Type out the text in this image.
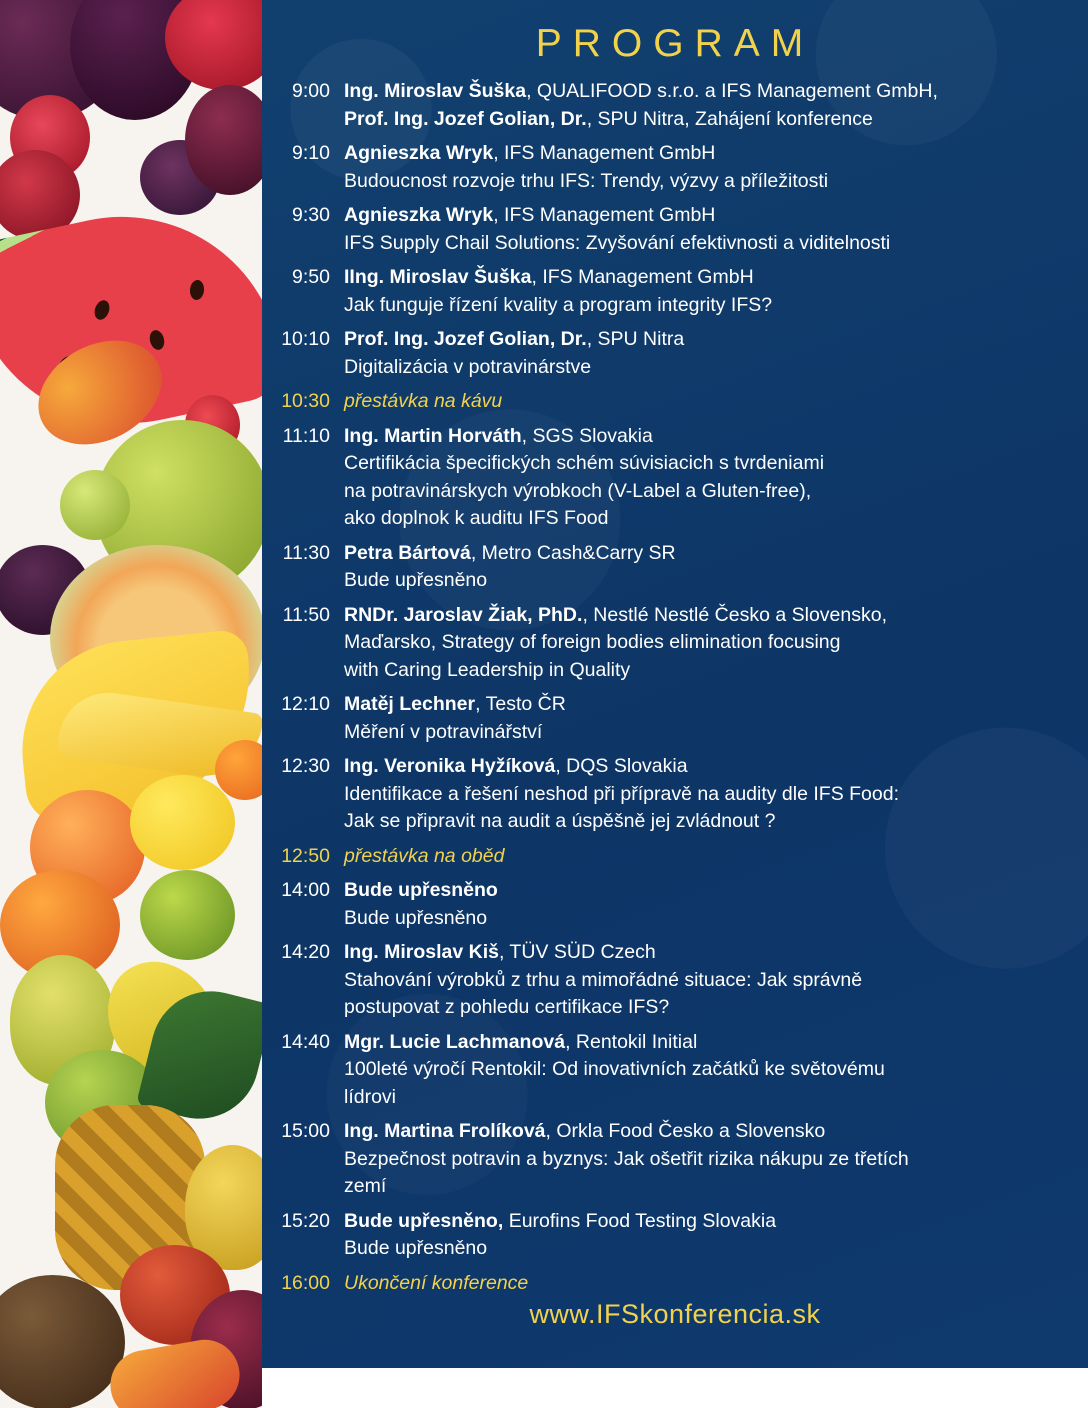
PROGRAM
9:00 Ing. Miroslav Šuška, QUALIFOOD s.r.o. a IFS Management GmbH,
Prof. Ing. Jozef Golian, Dr., SPU Nitra, Zahájení konference
9:10 Agnieszka Wryk, IFS Management GmbH
Budoucnost rozvoje trhu IFS: Trendy, výzvy a příležitosti
9:30 Agnieszka Wryk, IFS Management GmbH
IFS Supply Chail Solutions: Zvyšování efektivnosti a viditelnosti
9:50 IIng. Miroslav Šuška, IFS Management GmbH
Jak funguje řízení kvality a program integrity IFS?
10:10 Prof. Ing. Jozef Golian, Dr., SPU Nitra
Digitalizácia v potravinárstve
10:30 přestávka na kávu
11:10 Ing. Martin Horváth, SGS Slovakia
Certifikácia špecifických schém súvisiacich s tvrdeniami
na potravinárskych výrobkoch (V-Label a Gluten-free),
ako doplnok k auditu IFS Food
11:30 Petra Bártová, Metro Cash&Carry SR
Bude upřesněno
11:50 RNDr. Jaroslav Žiak, PhD., Nestlé Nestlé Česko a Slovensko,
Maďarsko, Strategy of foreign bodies elimination focusing
with Caring Leadership in Quality
12:10 Matěj Lechner, Testo ČR
Měření v potravinářství
12:30 Ing. Veronika Hyžíková, DQS Slovakia
Identifikace a řešení neshod při přípravě na audity dle IFS Food:
Jak se připravit na audit a úspěšně jej zvládnout ?
12:50 přestávka na oběd
14:00 Bude upřesněno
Bude upřesněno
14:20 Ing. Miroslav Kiš, TÜV SÜD Czech
Stahování výrobků z trhu a mimořádné situace: Jak správně
postupovat z pohledu certifikace IFS?
14:40 Mgr. Lucie Lachmanová, Rentokil Initial
100leté výročí Rentokil: Od inovativních začátků ke světovému
lídrovi
15:00 Ing. Martina Frolíková, Orkla Food Česko a Slovensko
Bezpečnost potravin a byznys: Jak ošetřit rizika nákupu ze třetích
zemí
15:20 Bude upřesněno, Eurofins Food Testing Slovakia
Bude upřesněno
16:00 Ukončení konference
www.IFSkonferencia.sk
